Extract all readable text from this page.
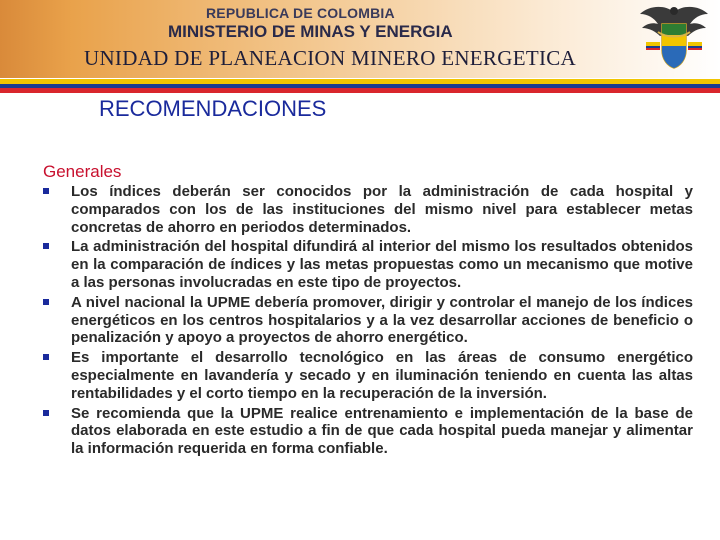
REPUBLICA DE COLOMBIA
MINISTERIO DE MINAS Y ENERGIA
UNIDAD DE PLANEACION MINERO ENERGETICA
RECOMENDACIONES
Generales
Los índices deberán ser conocidos por la administración de cada hospital y comparados con los de las instituciones del mismo nivel para establecer metas concretas de ahorro en periodos determinados.
La administración del hospital difundirá al interior del mismo los resultados obtenidos en la comparación de índices y las metas propuestas como un mecanismo que motive a las personas involucradas en este tipo de proyectos.
A nivel nacional la UPME debería promover, dirigir y controlar el manejo de los índices energéticos en los centros hospitalarios y a la vez desarrollar acciones de beneficio o penalización y apoyo a proyectos de ahorro energético.
Es importante el desarrollo tecnológico en las áreas de consumo energético especialmente en lavandería y secado y en iluminación teniendo en cuenta las altas rentabilidades y el corto tiempo en la recuperación de la inversión.
Se recomienda que la UPME realice entrenamiento e implementación de la base de datos elaborada en este estudio a fin de que cada hospital pueda manejar y alimentar la información requerida en forma confiable.
